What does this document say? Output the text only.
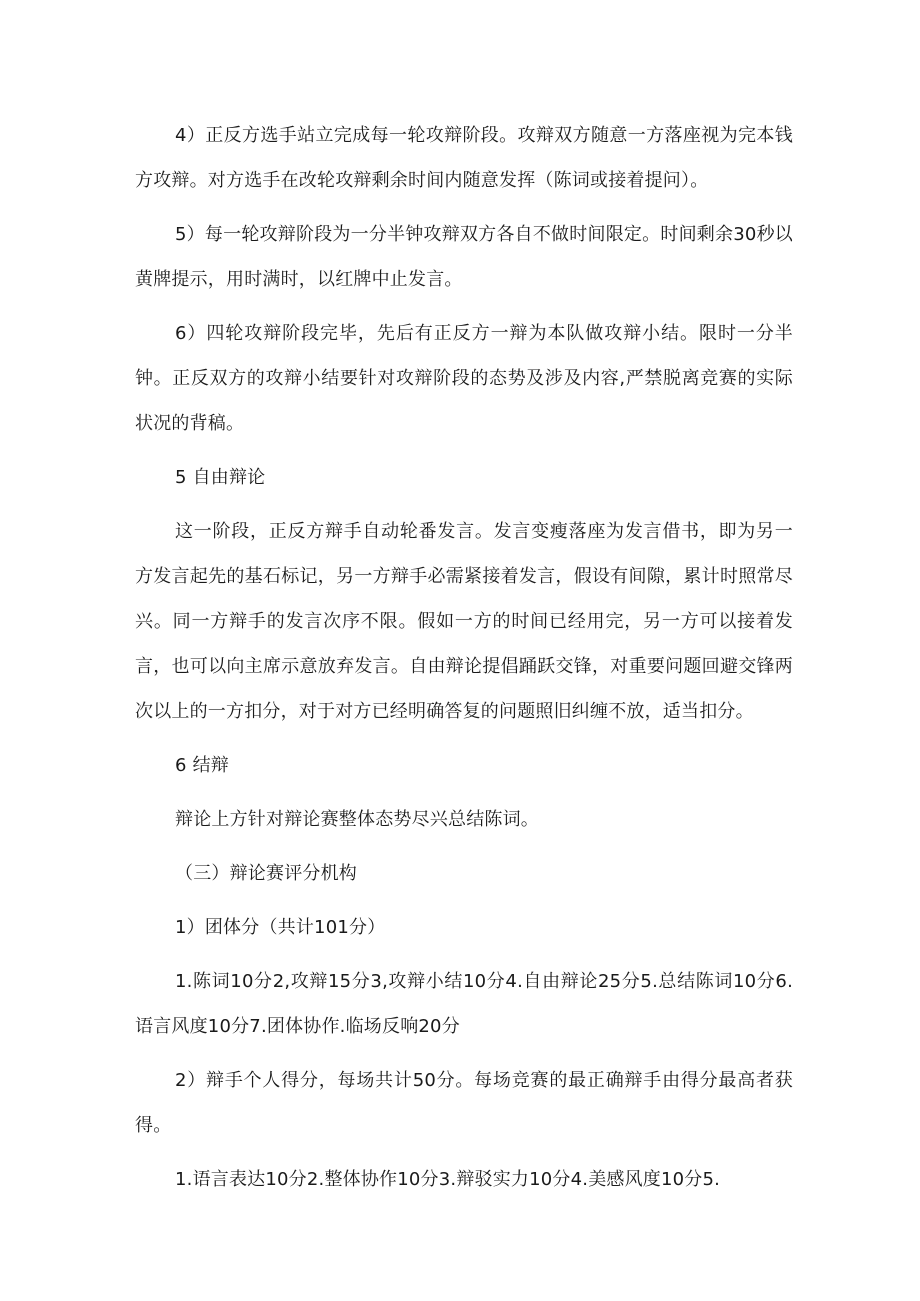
4）正反方选手站立完成每一轮攻辩阶段。攻辩双方随意一方落座视为完本钱方攻辩。对方选手在改轮攻辩剩余时间内随意发挥（陈词或接着提问）。

5）每一轮攻辩阶段为一分半钟攻辩双方各自不做时间限定。时间剩余30秒以黄牌提示，用时满时，以红牌中止发言。

6）四轮攻辩阶段完毕，先后有正反方一辩为本队做攻辩小结。限时一分半钟。正反双方的攻辩小结要针对攻辩阶段的态势及涉及内容,严禁脱离竞赛的实际状况的背稿。

5 自由辩论

这一阶段，正反方辩手自动轮番发言。发言变瘦落座为发言借书，即为另一方发言起先的基石标记，另一方辩手必需紧接着发言，假设有间隙，累计时照常尽兴。同一方辩手的发言次序不限。假如一方的时间已经用完，另一方可以接着发言，也可以向主席示意放弃发言。自由辩论提倡踊跃交锋，对重要问题回避交锋两次以上的一方扣分，对于对方已经明确答复的问题照旧纠缠不放，适当扣分。

6 结辩

辩论上方针对辩论赛整体态势尽兴总结陈词。

（三）辩论赛评分机构

1）团体分（共计101分）

1.陈词10分2,攻辩15分3,攻辩小结10分4.自由辩论25分5.总结陈词10分6.语言风度10分7.团体协作.临场反响20分

2）辩手个人得分，每场共计50分。每场竞赛的最正确辩手由得分最高者获得。

1.语言表达10分2.整体协作10分3.辩驳实力10分4.美感风度10分5.
